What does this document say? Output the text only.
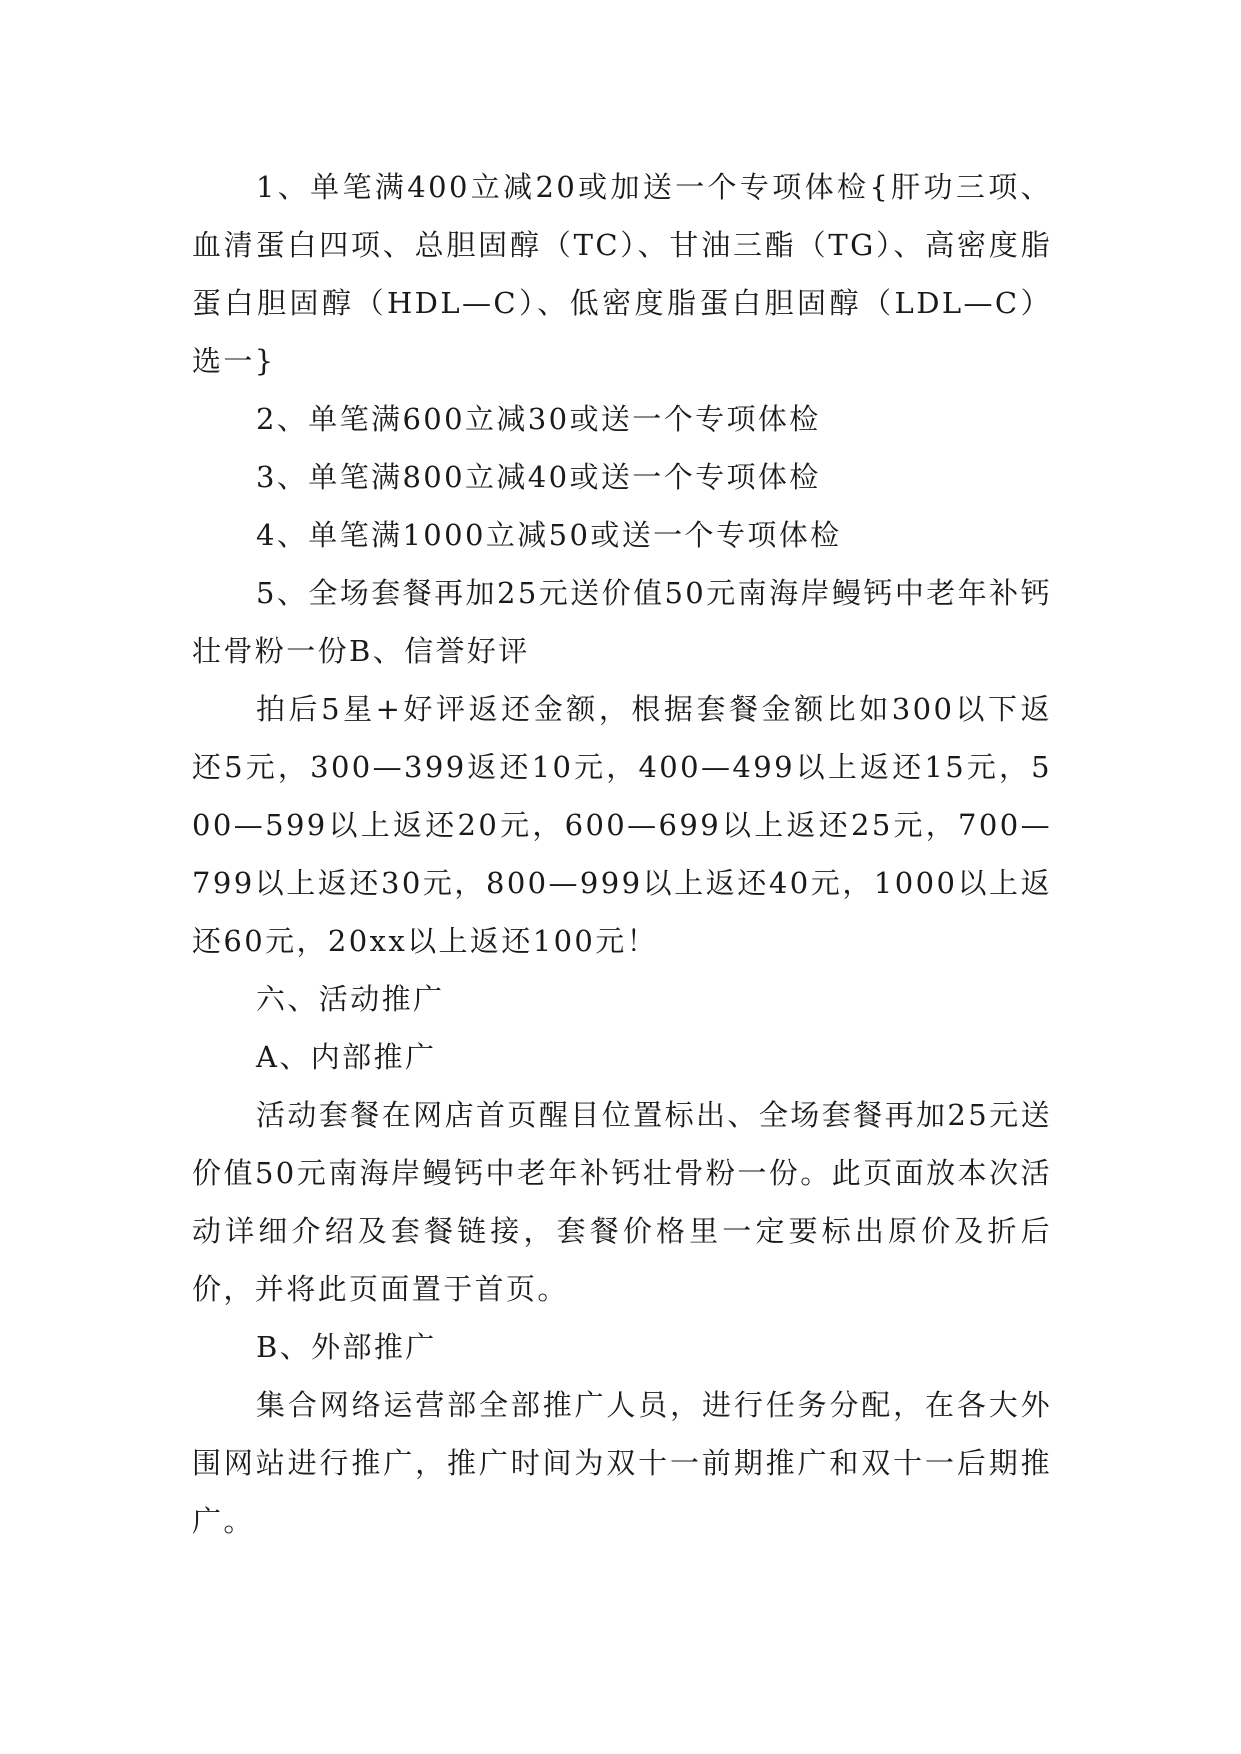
1、单笔满400立减20或加送一个专项体检{肝功三项、血清蛋白四项、总胆固醇（TC）、甘油三酯（TG）、高密度脂蛋白胆固醇（HDL—C）、低密度脂蛋白胆固醇（LDL—C）选一}

2、单笔满600立减30或送一个专项体检

3、单笔满800立减40或送一个专项体检

4、单笔满1000立减50或送一个专项体检

5、全场套餐再加25元送价值50元南海岸鳗钙中老年补钙壮骨粉一份B、信誉好评

拍后5星+好评返还金额，根据套餐金额比如300以下返还5元，300—399返还10元，400—499以上返还15元，500—599以上返还20元，600—699以上返还25元，700—799以上返还30元，800—999以上返还40元，1000以上返还60元，20xx以上返还100元！

六、活动推广

A、内部推广

活动套餐在网店首页醒目位置标出、全场套餐再加25元送价值50元南海岸鳗钙中老年补钙壮骨粉一份。此页面放本次活动详细介绍及套餐链接，套餐价格里一定要标出原价及折后价，并将此页面置于首页。

B、外部推广

集合网络运营部全部推广人员，进行任务分配，在各大外围网站进行推广，推广时间为双十一前期推广和双十一后期推广。
